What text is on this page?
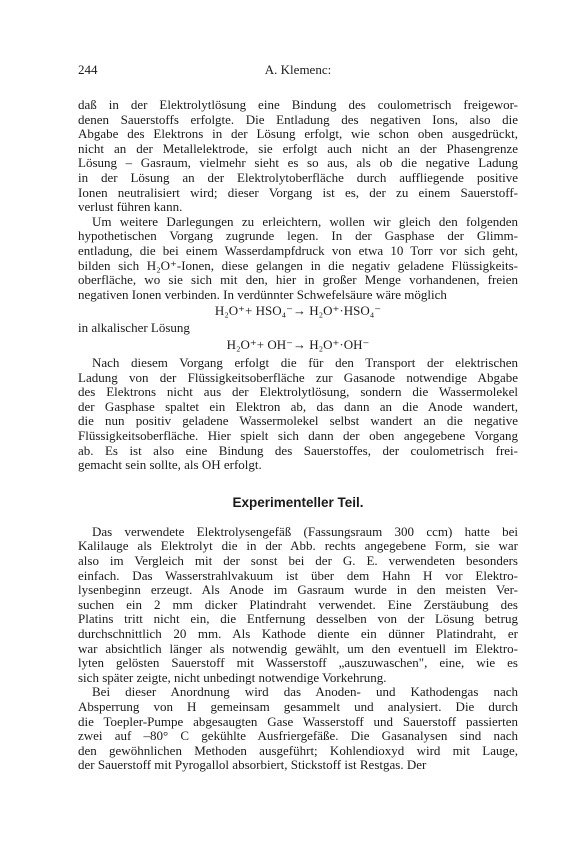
244	A. Klemenc:
daß in der Elektrolytlösung eine Bindung des coulometrisch freigewor-
denen Sauerstoffs erfolgte. Die Entladung des negativen Ions, also die
Abgabe des Elektrons in der Lösung erfolgt, wie schon oben ausgedrückt,
nicht an der Metallelektrode, sie erfolgt auch nicht an der Phasengrenze
Lösung – Gasraum, vielmehr sieht es so aus, als ob die negative Ladung
in der Lösung an der Elektrolytoberfläche durch auffliegende positive
Ionen neutralisiert wird; dieser Vorgang ist es, der zu einem Sauerstoff-
verlust führen kann.
Um weitere Darlegungen zu erleichtern, wollen wir gleich den folgenden
hypothetischen Vorgang zugrunde legen. In der Gasphase der Glimm-
entladung, die bei einem Wasserdampfdruck von etwa 10 Torr vor sich geht,
bilden sich H₂O⁺-Ionen, diese gelangen in die negativ geladene Flüssigkeits-
oberfläche, wo sie sich mit den, hier in großer Menge vorhandenen, freien
negativen Ionen verbinden. In verdünnter Schwefelsäure wäre möglich
H₂O⁺+ HSO₄⁻→ H₂O⁺·HSO₄⁻
in alkalischer Lösung
H₂O⁺+ OH⁻→ H₂O⁺·OH⁻
Nach diesem Vorgang erfolgt die für den Transport der elektrischen
Ladung von der Flüssigkeitsoberfläche zur Gasanode notwendige Abgabe
des Elektrons nicht aus der Elektrolytlösung, sondern die Wassermolekel
der Gasphase spaltet ein Elektron ab, das dann an die Anode wandert,
die nun positiv geladene Wassermolekel selbst wandert an die negative
Flüssigkeitsoberfläche. Hier spielt sich dann der oben angegebene Vorgang
ab. Es ist also eine Bindung des Sauerstoffes, der coulometrisch frei-
gemacht sein sollte, als OH erfolgt.
Experimenteller Teil.
Das verwendete Elektrolysengefäß (Fassungsraum 300 ccm) hatte bei
Kalilauge als Elektrolyt die in der Abb. rechts angegebene Form, sie war
also im Vergleich mit der sonst bei der G. E. verwendeten besonders
einfach. Das Wasserstrahlvakuum ist über dem Hahn H vor Elektro-
lysenbeginn erzeugt. Als Anode im Gasraum wurde in den meisten Ver-
suchen ein 2 mm dicker Platindraht verwendet. Eine Zerstäubung des
Platins tritt nicht ein, die Entfernung desselben von der Lösung betrug
durchschnittlich 20 mm. Als Kathode diente ein dünner Platindraht, er
war absichtlich länger als notwendig gewählt, um den eventuell im Elektro-
lyten gelösten Sauerstoff mit Wasserstoff „auszuwaschen", eine, wie es
sich später zeigte, nicht unbedingt notwendige Vorkehrung.
Bei dieser Anordnung wird das Anoden- und Kathodengas nach
Absperrung von H gemeinsam gesammelt und analysiert. Die durch
die Toepler-Pumpe abgesaugten Gase Wasserstoff und Sauerstoff passierten
zwei auf –80° C gekühlte Ausfriergefäße. Die Gasanalysen sind nach
den gewöhnlichen Methoden ausgeführt; Kohlendioxyd wird mit Lauge,
der Sauerstoff mit Pyrogallol absorbiert, Stickstoff ist Restgas. Der
